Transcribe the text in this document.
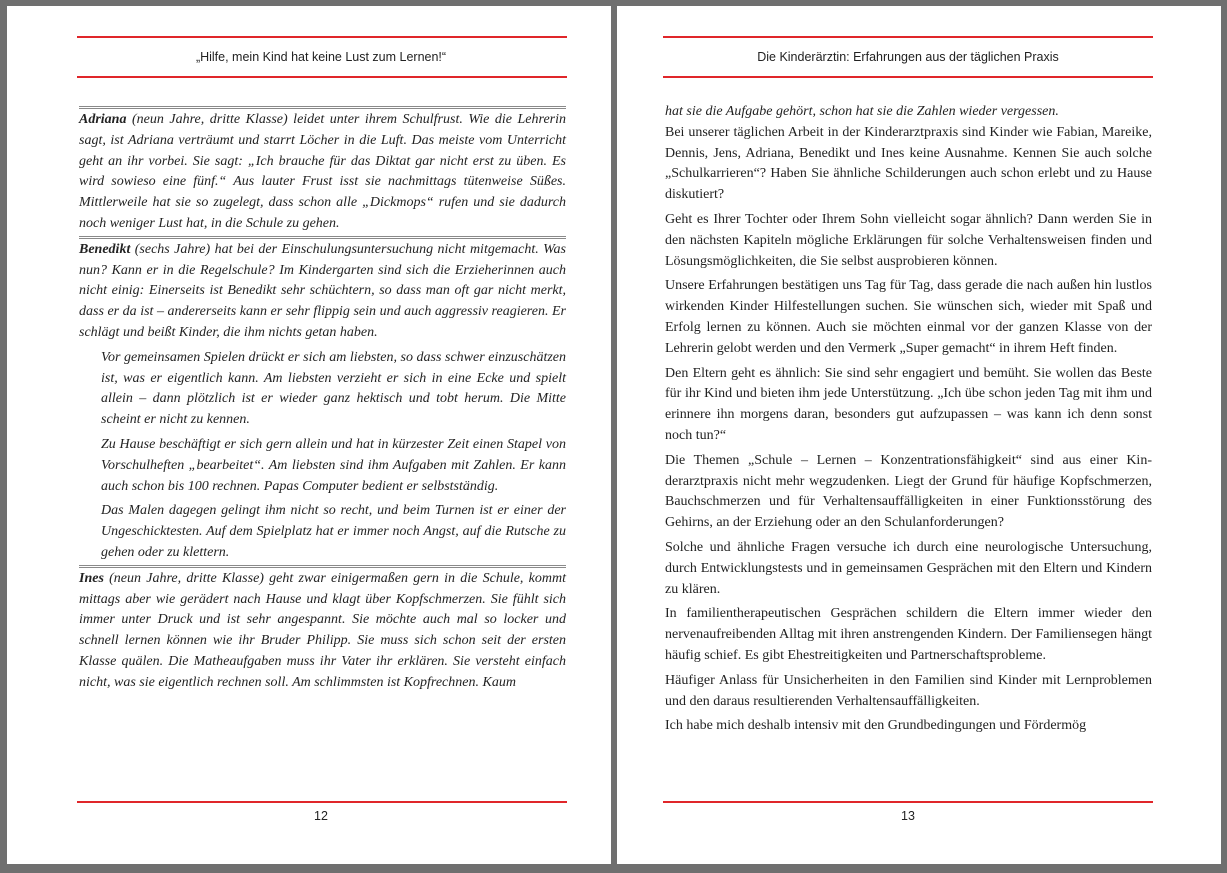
„Hilfe, mein Kind hat keine Lust zum Lernen!“

Adriana (neun Jahre, dritte Klasse) leidet unter ihrem Schulfrust. Wie die Lehrerin sagt, ist Adriana verträumt und starrt Löcher in die Luft. Das meiste vom Unterricht geht an ihr vorbei. Sie sagt: „Ich brauche für das Diktat gar nicht erst zu üben. Es wird sowieso eine fünf.“ Aus lauter Frust isst sie nachmittags tütenweise Süßes. Mittlerweile hat sie so zugelegt, dass schon alle „Dickmops“ rufen und sie dadurch noch weniger Lust hat, in die Schule zu gehen.

Benedikt (sechs Jahre) hat bei der Einschulungsuntersuchung nicht mitgemacht. Was nun? Kann er in die Regelschule? Im Kindergarten sind sich die Erzieherinnen auch nicht einig: Einerseits ist Benedikt sehr schüchtern, so dass man oft gar nicht merkt, dass er da ist – andererseits kann er sehr flippig sein und auch aggressiv reagieren. Er schlägt und beißt Kinder, die ihm nichts getan haben.

Vor gemeinsamen Spielen drückt er sich am liebsten, so dass schwer einzuschätzen ist, was er eigentlich kann. Am liebsten verzieht er sich in eine Ecke und spielt allein – dann plötzlich ist er wieder ganz hektisch und tobt herum. Die Mitte scheint er nicht zu kennen.

Zu Hause beschäftigt er sich gern allein und hat in kürzester Zeit einen Stapel von Vorschulheften „bearbeitet“. Am liebsten sind ihm Aufgaben mit Zahlen. Er kann auch schon bis 100 rechnen. Papas Computer bedient er selbstständig.

Das Malen dagegen gelingt ihm nicht so recht, und beim Turnen ist er einer der Ungeschicktesten. Auf dem Spielplatz hat er immer noch Angst, auf die Rutsche zu gehen oder zu klettern.

Ines (neun Jahre, dritte Klasse) geht zwar einigermaßen gern in die Schule, kommt mittags aber wie gerädert nach Hause und klagt über Kopfschmerzen. Sie fühlt sich immer unter Druck und ist sehr angespannt. Sie möchte auch mal so locker und schnell lernen können wie ihr Bruder Philipp. Sie muss sich schon seit der ersten Klasse quälen. Die Matheaufgaben muss ihr Vater ihr erklären. Sie versteht einfach nicht, was sie eigentlich rechnen soll. Am schlimmsten ist Kopfrechnen. Kaum

12
Die Kinderärztin: Erfahrungen aus der täglichen Praxis

hat sie die Aufgabe gehört, schon hat sie die Zahlen wieder vergessen.

Bei unserer täglichen Arbeit in der Kinderarztpraxis sind Kinder wie Fabian, Mareike, Dennis, Jens, Adriana, Benedikt und Ines keine Ausnahme. Kennen Sie auch solche „Schulkarrieren“? Haben Sie ähnliche Schilderungen auch schon erlebt und zu Hause diskutiert?

Geht es Ihrer Tochter oder Ihrem Sohn vielleicht sogar ähnlich? Dann werden Sie in den nächsten Kapiteln mögliche Erklärungen für solche Verhaltensweisen finden und Lösungsmöglichkeiten, die Sie selbst ausprobieren können.

Unsere Erfahrungen bestätigen uns Tag für Tag, dass gerade die nach außen hin lustlos wirkenden Kinder Hilfestellungen suchen. Sie wünschen sich, wieder mit Spaß und Erfolg lernen zu können. Auch sie möchten einmal vor der ganzen Klasse von der Lehrerin gelobt werden und den Vermerk „Super gemacht“ in ihrem Heft finden.

Den Eltern geht es ähnlich: Sie sind sehr engagiert und bemüht. Sie wollen das Beste für ihr Kind und bieten ihm jede Unterstützung. „Ich übe schon jeden Tag mit ihm und erinnere ihn morgens daran, besonders gut aufzupassen – was kann ich denn sonst noch tun?“

Die Themen „Schule – Lernen – Konzentrationsfähigkeit“ sind aus einer Kinderarztpraxis nicht mehr wegzudenken. Liegt der Grund für häufige Kopfschmerzen, Bauchschmerzen und für Verhaltensauffälligkeiten in einer Funktionsstörung des Gehirns, an der Erziehung oder an den Schulanforderungen?

Solche und ähnliche Fragen versuche ich durch eine neurologische Untersuchung, durch Entwicklungstests und in gemeinsamen Gesprächen mit den Eltern und Kindern zu klären.

In familientherapeutischen Gesprächen schildern die Eltern immer wieder den nervenaufreibenden Alltag mit ihren anstrengenden Kindern. Der Familiensegen hängt häufig schief. Es gibt Ehestreitigkeiten und Partnerschaftsprobleme.

Häufiger Anlass für Unsicherheiten in den Familien sind Kinder mit Lernproblemen und den daraus resultierenden Verhaltensauffälligkeiten.

Ich habe mich deshalb intensiv mit den Grundbedingungen und Fördermög

13
